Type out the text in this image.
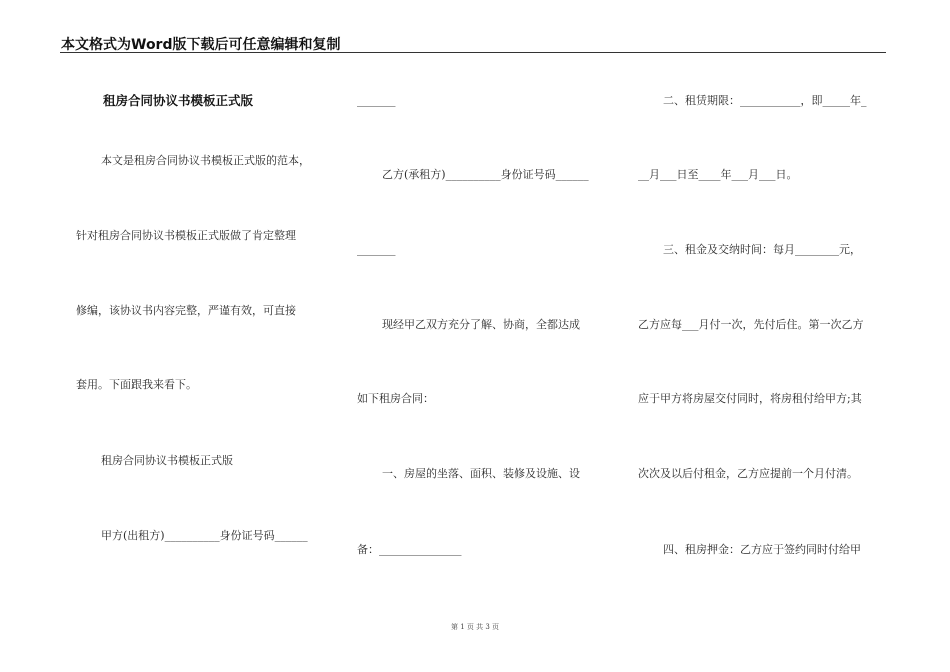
本文格式为Word版下载后可任意编辑和复制
租房合同协议书模板正式版
本文是租房合同协议书模板正式版的范本，
针对租房合同协议书模板正式版做了肯定整理
修编，该协议书内容完整，严谨有效，可直接
套用。下面跟我来看下。
租房合同协议书模板正式版
甲方(出租方)__________身份证号码______
_______
乙方(承租方)__________身份证号码______
_______
现经甲乙双方充分了解、协商，全都达成
如下租房合同：
一、房屋的坐落、面积、装修及设施、设
备：_______________
二、租赁期限：___________，即_____年_
__月___日至____年___月___日。
三、租金及交纳时间：每月________元，
乙方应每___月付一次，先付后住。第一次乙方
应于甲方将房屋交付同时，将房租付给甲方;其
次次及以后付租金，乙方应提前一个月付清。
四、租房押金：乙方应于签约同时付给甲
第 1 页 共 3 页
